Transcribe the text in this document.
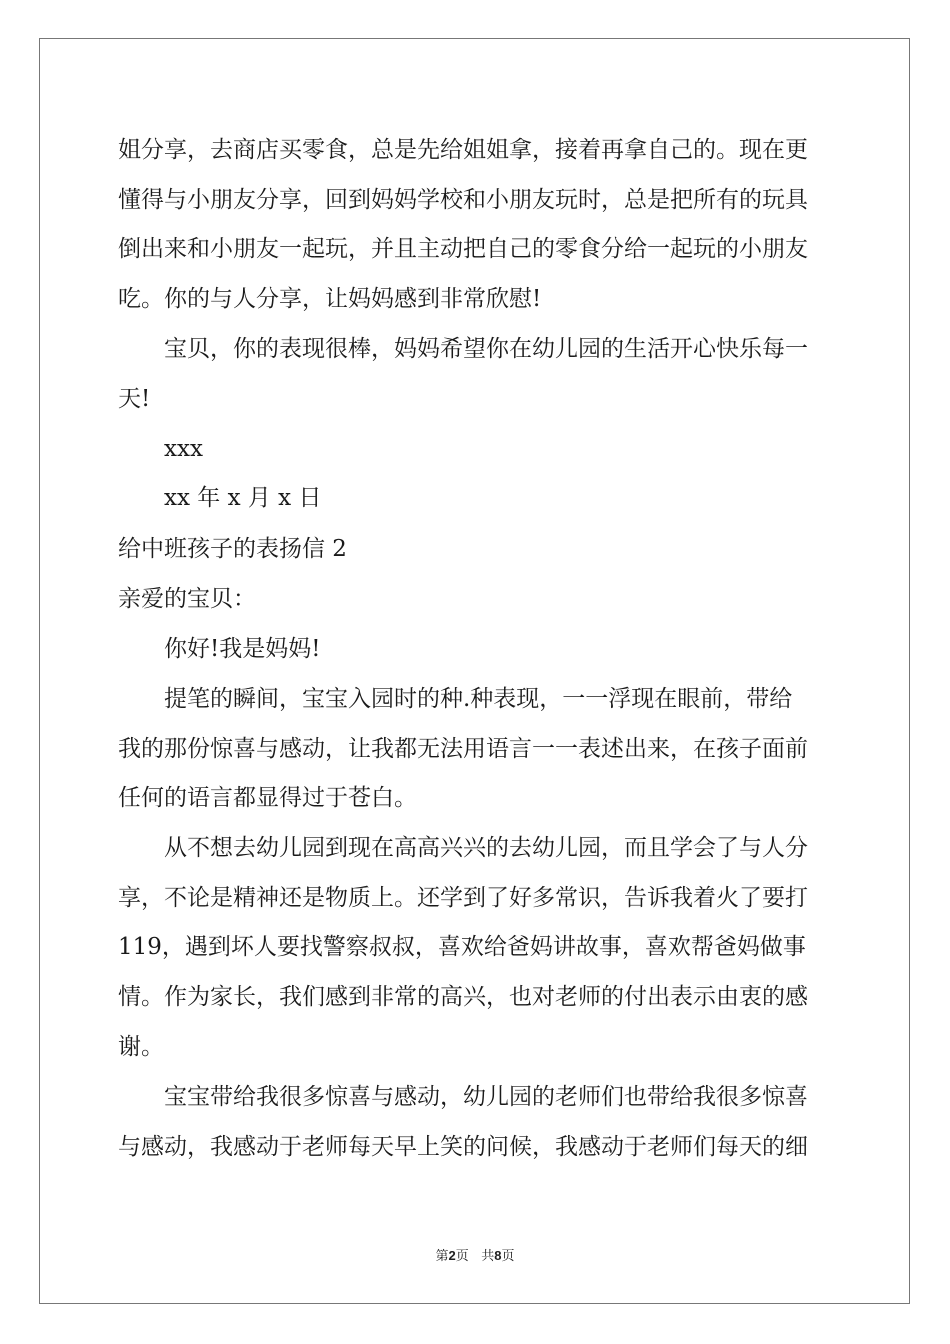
姐分享，去商店买零食，总是先给姐姐拿，接着再拿自己的。现在更
懂得与小朋友分享，回到妈妈学校和小朋友玩时，总是把所有的玩具
倒出来和小朋友一起玩，并且主动把自己的零食分给一起玩的小朋友
吃。你的与人分享，让妈妈感到非常欣慰!
宝贝，你的表现很棒，妈妈希望你在幼儿园的生活开心快乐每一
天!
xxx
xx 年 x 月 x 日
给中班孩子的表扬信 2
亲爱的宝贝：
你好!我是妈妈!
提笔的瞬间，宝宝入园时的种.种表现，一一浮现在眼前，带给
我的那份惊喜与感动，让我都无法用语言一一表述出来，在孩子面前
任何的语言都显得过于苍白。
从不想去幼儿园到现在高高兴兴的去幼儿园，而且学会了与人分
享，不论是精神还是物质上。还学到了好多常识，告诉我着火了要打
119，遇到坏人要找警察叔叔，喜欢给爸妈讲故事，喜欢帮爸妈做事
情。作为家长，我们感到非常的高兴，也对老师的付出表示由衷的感
谢。
宝宝带给我很多惊喜与感动，幼儿园的老师们也带给我很多惊喜
与感动，我感动于老师每天早上笑的问候，我感动于老师们每天的细
第2页 共8页
